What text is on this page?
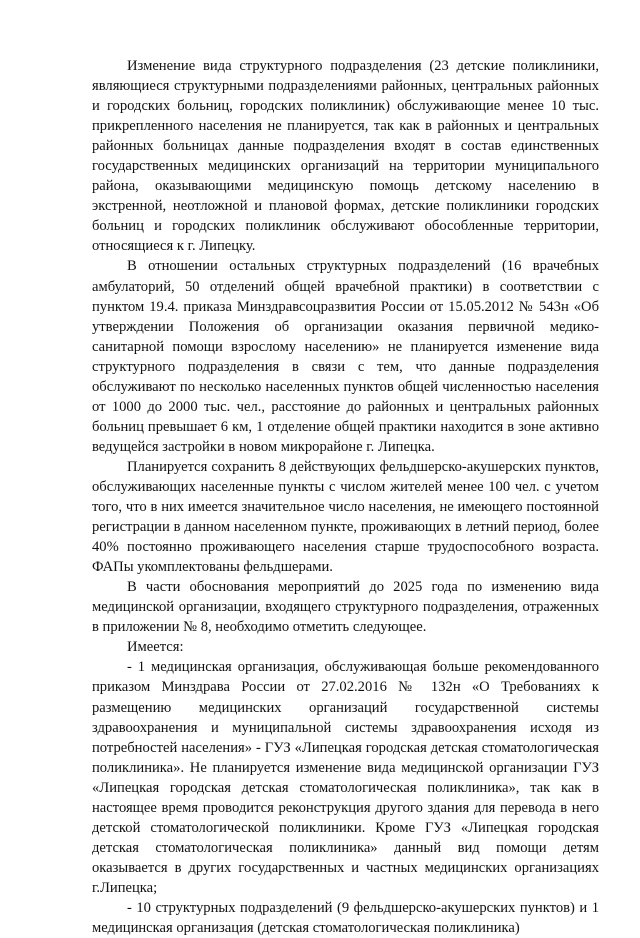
Изменение вида структурного подразделения (23 детские поликлиники, являющиеся структурными подразделениями районных, центральных районных и городских больниц, городских поликлиник) обслуживающие менее 10 тыс. прикрепленного населения не планируется, так как в районных и центральных районных больницах данные подразделения входят в состав единственных государственных медицинских организаций на территории муниципального района, оказывающими медицинскую помощь детскому населению в экстренной, неотложной и плановой формах, детские поликлиники городских больниц и городских поликлиник обслуживают обособленные территории, относящиеся к г. Липецку.

В отношении остальных структурных подразделений (16 врачебных амбулаторий, 50 отделений общей врачебной практики) в соответствии с пунктом 19.4. приказа Минздравсоцразвития России от 15.05.2012 № 543н «Об утверждении Положения об организации оказания первичной медико-санитарной помощи взрослому населению» не планируется изменение вида структурного подразделения в связи с тем, что данные подразделения обслуживают по несколько населенных пунктов общей численностью населения от 1000 до 2000 тыс. чел., расстояние до районных и центральных районных больниц превышает 6 км, 1 отделение общей практики находится в зоне активно ведущейся застройки в новом микрорайоне г. Липецка.

Планируется сохранить 8 действующих фельдшерско-акушерских пунктов, обслуживающих населенные пункты с числом жителей менее 100 чел. с учетом того, что в них имеется значительное число населения, не имеющего постоянной регистрации в данном населенном пункте, проживающих в летний период, более 40% постоянно проживающего населения старше трудоспособного возраста. ФАПы укомплектованы фельдшерами.

В части обоснования мероприятий до 2025 года по изменению вида медицинской организации, входящего структурного подразделения, отраженных в приложении № 8, необходимо отметить следующее.

Имеется:

- 1 медицинская организация, обслуживающая больше рекомендованного приказом Минздрава России от 27.02.2016 № 132н «О Требованиях к размещению медицинских организаций государственной системы здравоохранения и муниципальной системы здравоохранения исходя из потребностей населения» - ГУЗ «Липецкая городская детская стоматологическая поликлиника». Не планируется изменение вида медицинской организации ГУЗ «Липецкая городская детская стоматологическая поликлиника», так как в настоящее время проводится реконструкция другого здания для перевода в него детской стоматологической поликлиники. Кроме ГУЗ «Липецкая городская детская стоматологическая поликлиника» данный вид помощи детям оказывается в других государственных и частных медицинских организациях г.Липецка;

- 10 структурных подразделений (9 фельдшерско-акушерских пунктов) и 1 медицинская организация (детская стоматологическая поликлиника)
